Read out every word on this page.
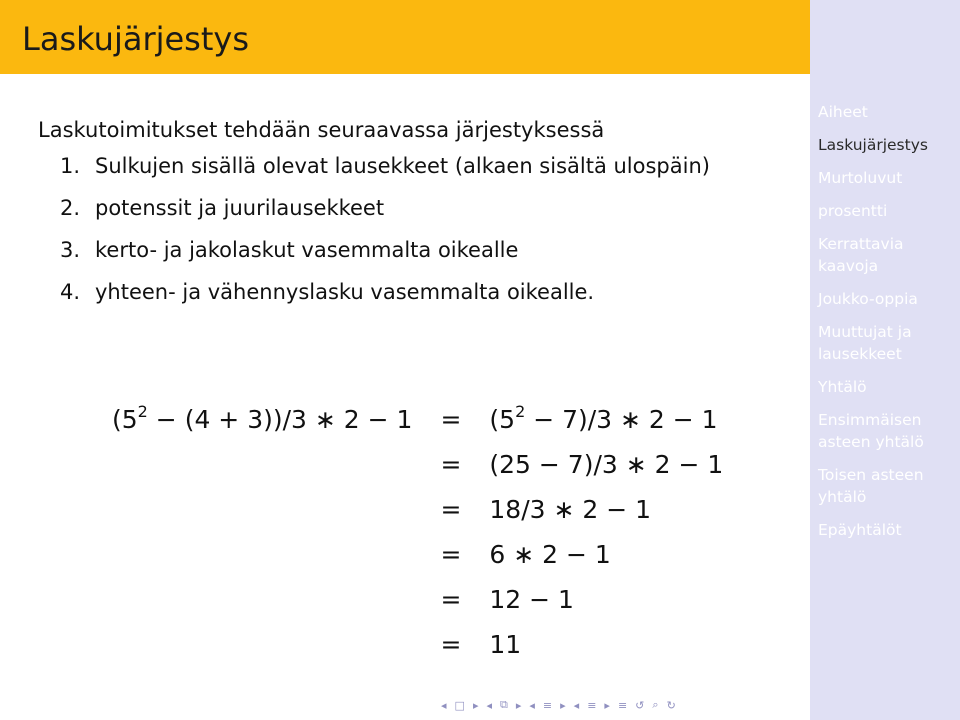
Laskujärjestys
Laskutoimitukset tehdään seuraavassa järjestyksessä
1. Sulkujen sisällä olevat lausekkeet (alkaen sisältä ulospäin)
2. potenssit ja juurilausekkeet
3. kerto- ja jakolaskut vasemmalta oikealle
4. yhteen- ja vähennyslasku vasemmalta oikealle.
$(5^2 - (4 + 3))/3$ ∗ 2 − 1	=	$(5^2 - 7)/3$ ∗ 2 − 1
	=	(25 − 7)/3 ∗ 2 − 1
	=	18/3 ∗ 2 − 1
	=	6 ∗ 2 − 1
	=	12 − 1
	=	11
Aiheet
Laskujärjestys
Murtoluvut
prosentti
Kerrattavia kaavoja
Joukko-oppia
Muuttujat ja lausekkeet
Yhtälö
Ensimmäisen asteen yhtälö
Toisen asteen yhtälö
Epäyhtälöt
◂ □ ▸ ◂ ⧉ ▸ ◂ ≡ ▸ ◂ ≡ ▸ ≡ ↺ ⌕ ↻
